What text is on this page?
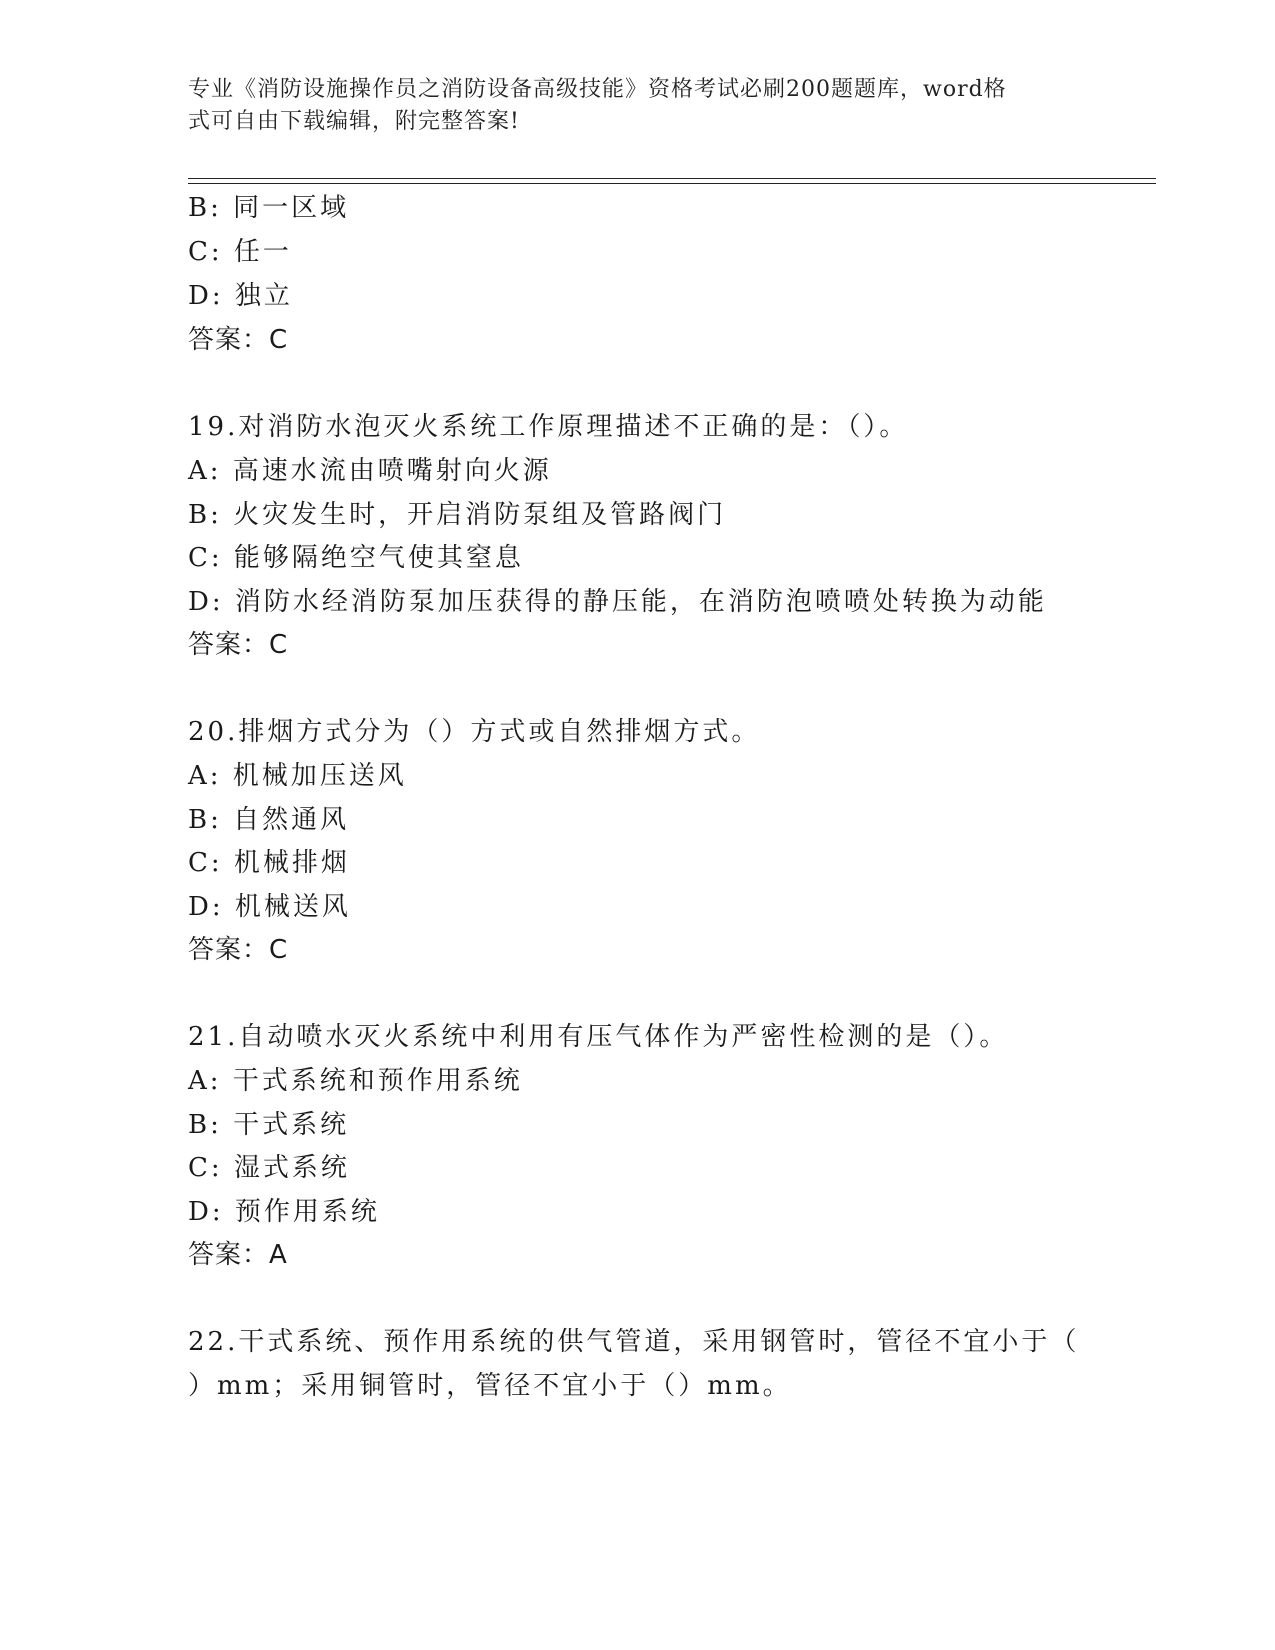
专业《消防设施操作员之消防设备高级技能》资格考试必刷200题题库，word格
式可自由下载编辑，附完整答案!
B: 同一区域
C: 任一
D: 独立
答案：C
19.对消防水泡灭火系统工作原理描述不正确的是：（）。
A: 高速水流由喷嘴射向火源
B: 火灾发生时，开启消防泵组及管路阀门
C: 能够隔绝空气使其窒息
D: 消防水经消防泵加压获得的静压能，在消防泡喷喷处转换为动能
答案：C
20.排烟方式分为（）方式或自然排烟方式。
A: 机械加压送风
B: 自然通风
C: 机械排烟
D: 机械送风
答案：C
21.自动喷水灭火系统中利用有压气体作为严密性检测的是（）。
A: 干式系统和预作用系统
B: 干式系统
C: 湿式系统
D: 预作用系统
答案：A
22.干式系统、预作用系统的供气管道，采用钢管时，管径不宜小于（
）mm；采用铜管时，管径不宜小于（）mm。
